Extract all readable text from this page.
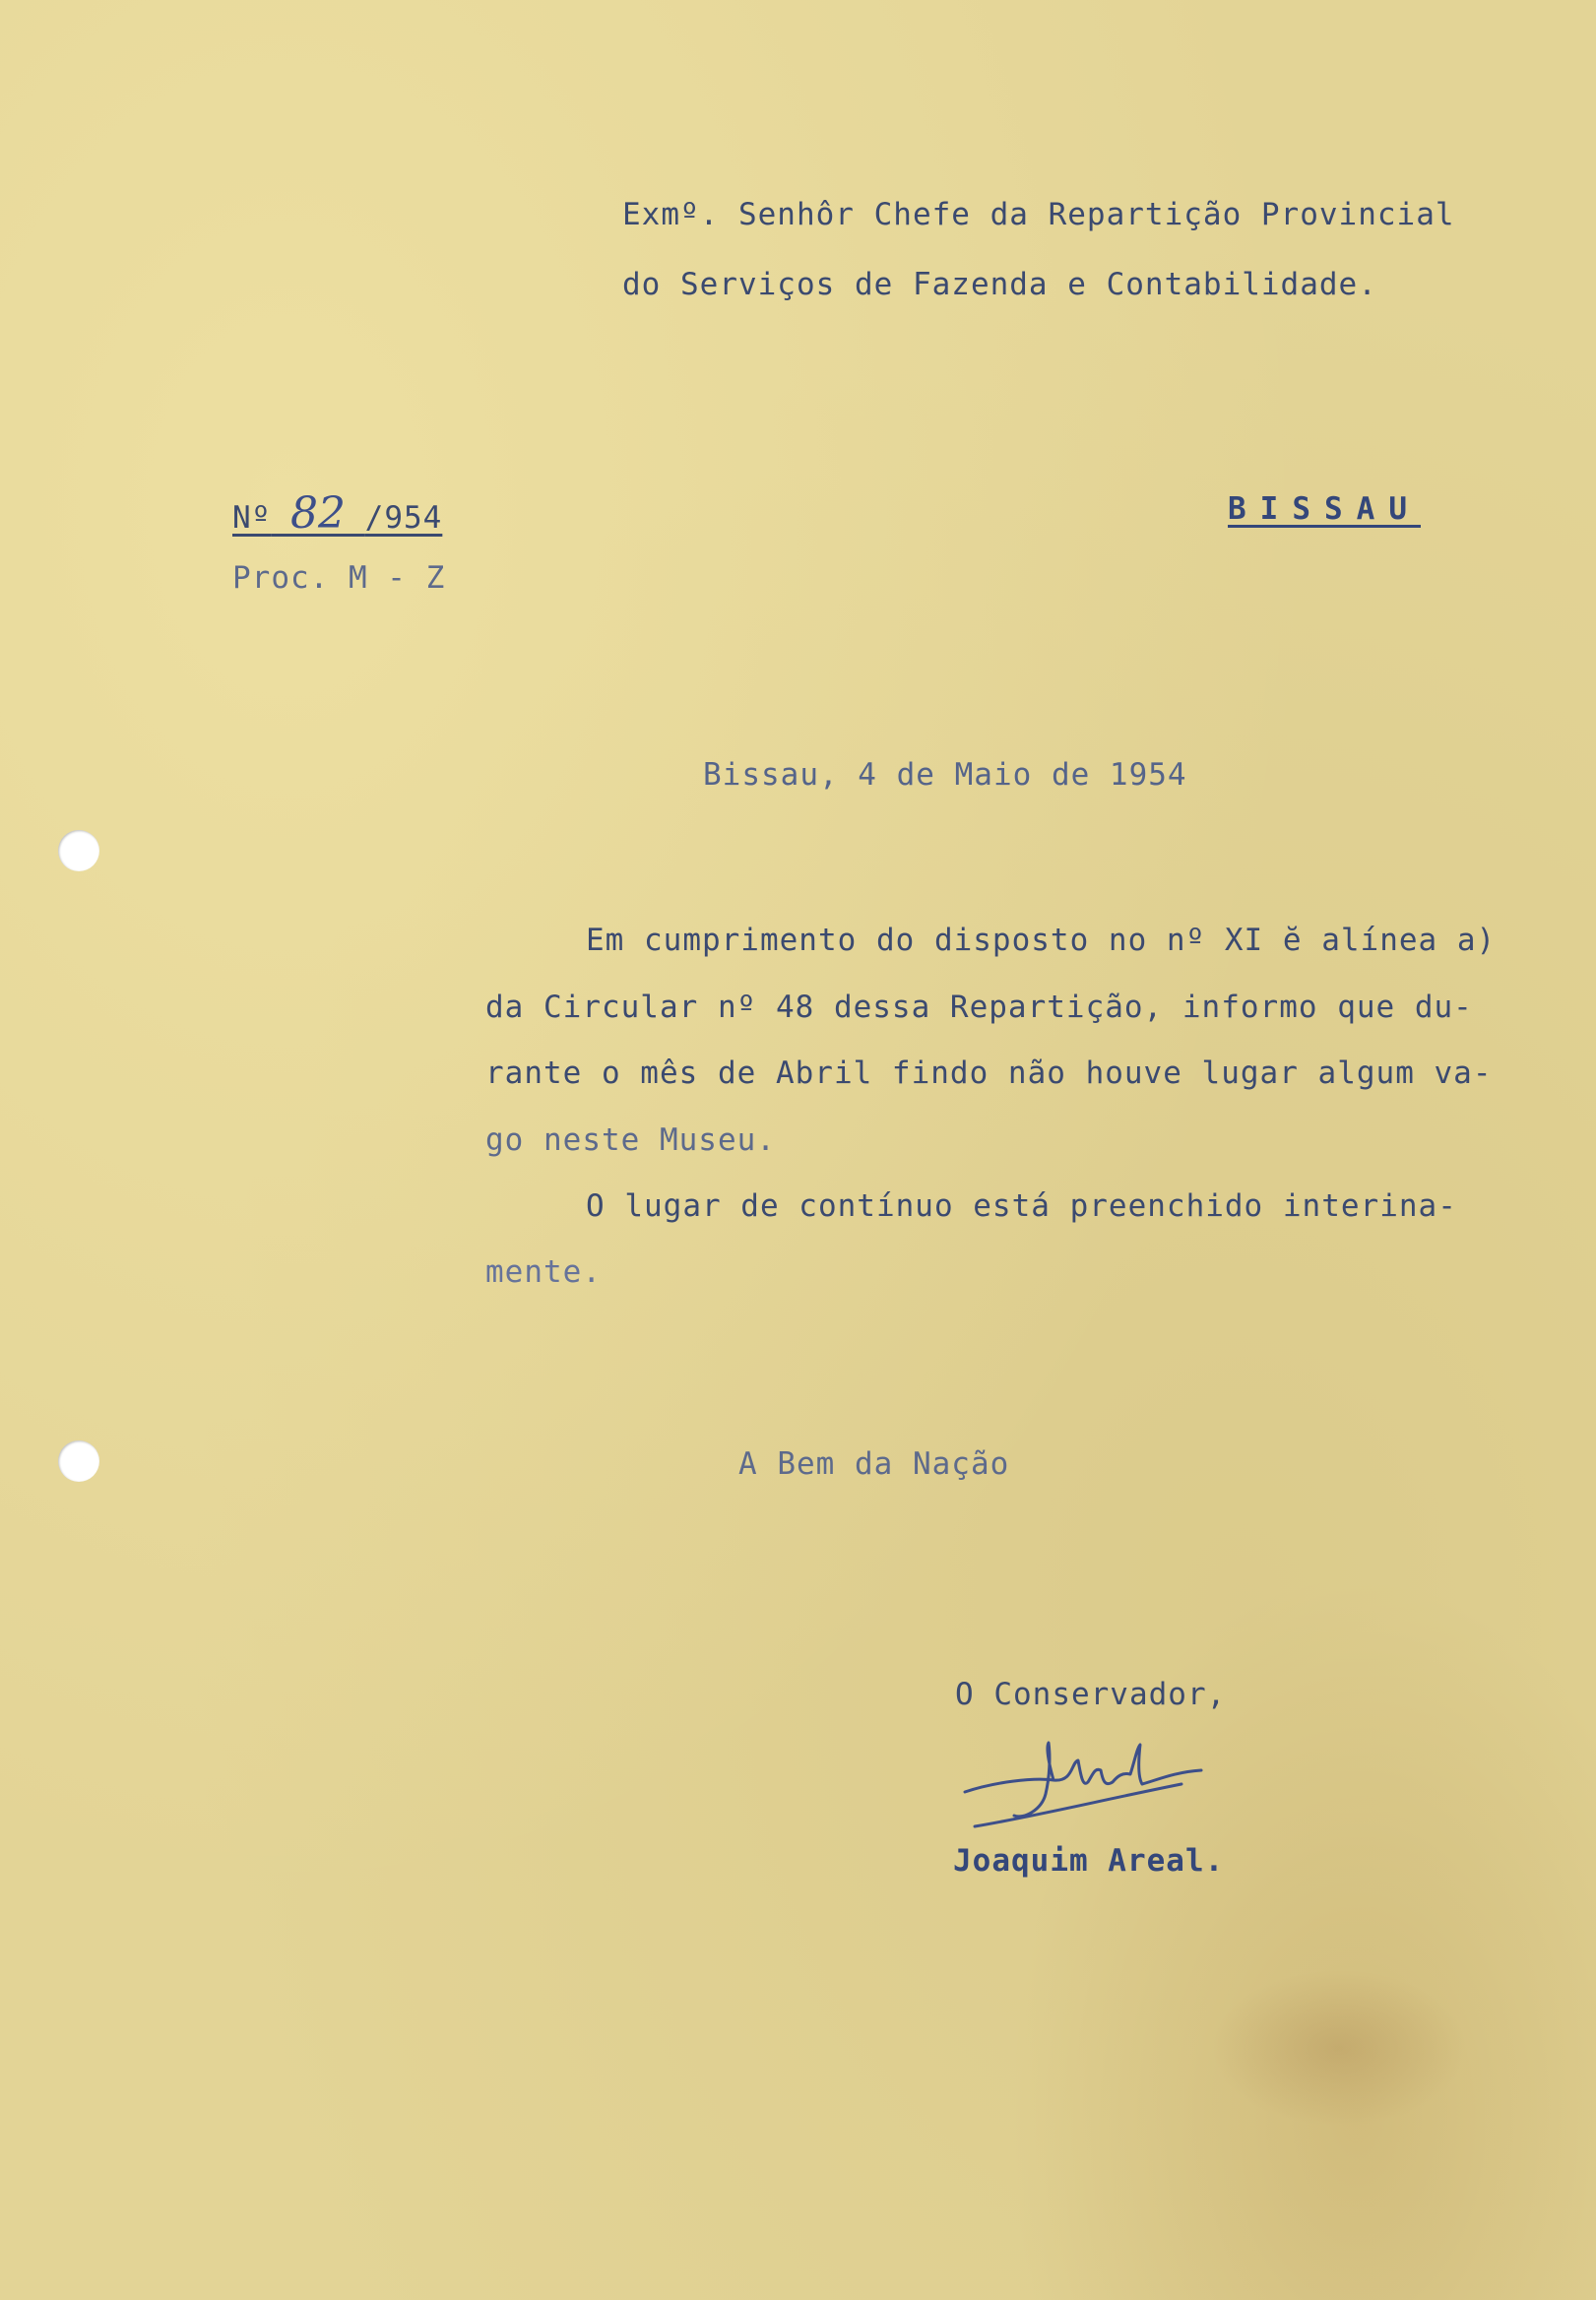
Exmº. Senhôr Chefe da Repartição Provincial
do Serviços de Fazenda e Contabilidade.
Nº 82 /954
Proc. M - Z
BISSAU
Bissau, 4 de Maio de 1954
Em cumprimento do disposto no nº XI ĕ alínea a)
da Circular nº 48 dessa Repartição, informo que du-
rante o mês de Abril findo não houve lugar algum va-
go neste Museu.
O lugar de contínuo está preenchido interina-
mente.
A Bem da Nação
O Conservador,
Joaquim Areal.
